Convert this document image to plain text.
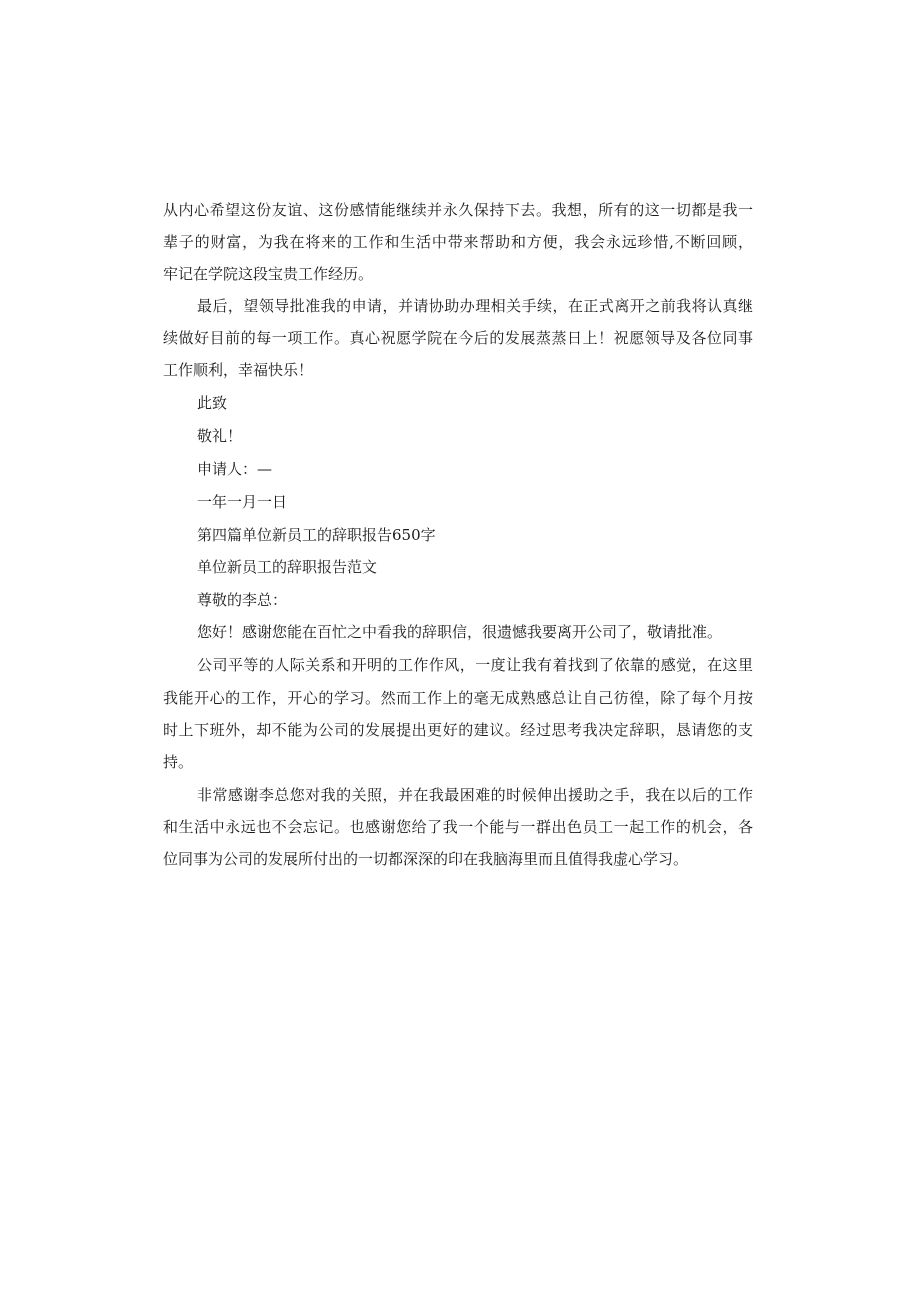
从内心希望这份友谊、这份感情能继续并永久保持下去。我想，所有的这一切都是我一
辈子的财富，为我在将来的工作和生活中带来帮助和方便，我会永远珍惜,不断回顾，
牢记在学院这段宝贵工作经历。
最后，望领导批准我的申请，并请协助办理相关手续，在正式离开之前我将认真继
续做好目前的每一项工作。真心祝愿学院在今后的发展蒸蒸日上！祝愿领导及各位同事
工作顺利，幸福快乐！
此致
敬礼！
申请人：—
一年一月一日
第四篇单位新员工的辞职报告650字
单位新员工的辞职报告范文
尊敬的李总：
您好！感谢您能在百忙之中看我的辞职信，很遗憾我要离开公司了，敬请批准。
公司平等的人际关系和开明的工作作风，一度让我有着找到了依靠的感觉，在这里
我能开心的工作，开心的学习。然而工作上的毫无成熟感总让自己彷徨，除了每个月按
时上下班外，却不能为公司的发展提出更好的建议。经过思考我决定辞职，恳请您的支
持。
非常感谢李总您对我的关照，并在我最困难的时候伸出援助之手，我在以后的工作
和生活中永远也不会忘记。也感谢您给了我一个能与一群出色员工一起工作的机会，各
位同事为公司的发展所付出的一切都深深的印在我脑海里而且值得我虚心学习。
